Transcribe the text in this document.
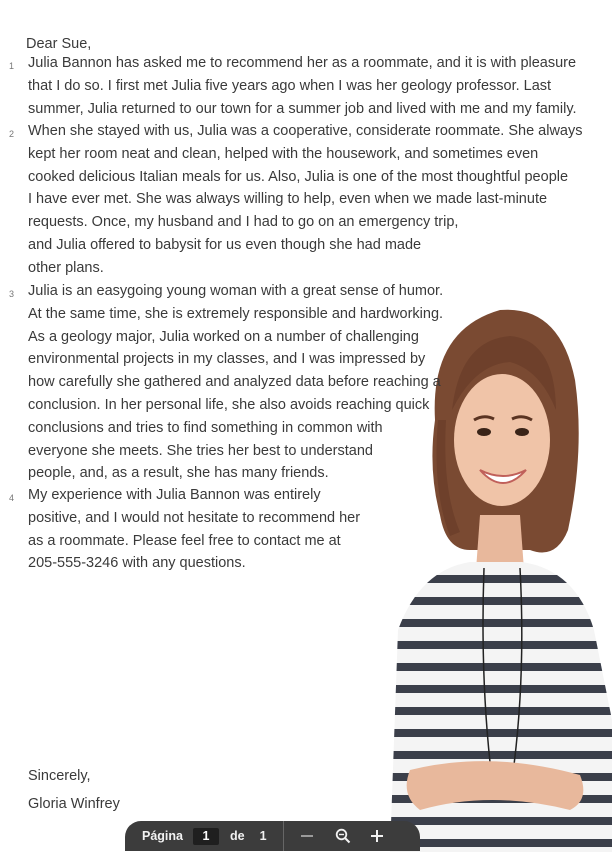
Dear Sue,
1 Julia Bannon has asked me to recommend her as a roommate, and it is with pleasure
that I do so. I first met Julia five years ago when I was her geology professor. Last
summer, Julia returned to our town for a summer job and lived with me and my family.
2 When she stayed with us, Julia was a cooperative, considerate roommate. She always
kept her room neat and clean, helped with the housework, and sometimes even
cooked delicious Italian meals for us. Also, Julia is one of the most thoughtful people
I have ever met. She was always willing to help, even when we made last-minute
requests. Once, my husband and I had to go on an emergency trip,
and Julia offered to babysit for us even though she had made
other plans.
3 Julia is an easygoing young woman with a great sense of humor.
At the same time, she is extremely responsible and hardworking.
As a geology major, Julia worked on a number of challenging
environmental projects in my classes, and I was impressed by
how carefully she gathered and analyzed data before reaching a
conclusion. In her personal life, she also avoids reaching quick
conclusions and tries to find something in common with
everyone she meets. She tries her best to understand
people, and, as a result, she has many friends.
4 My experience with Julia Bannon was entirely
positive, and I would not hesitate to recommend her
as a roommate. Please feel free to contact me at
205-555-3246 with any questions.
Sincerely,
Gloria Winfrey
Página	1	de 1
